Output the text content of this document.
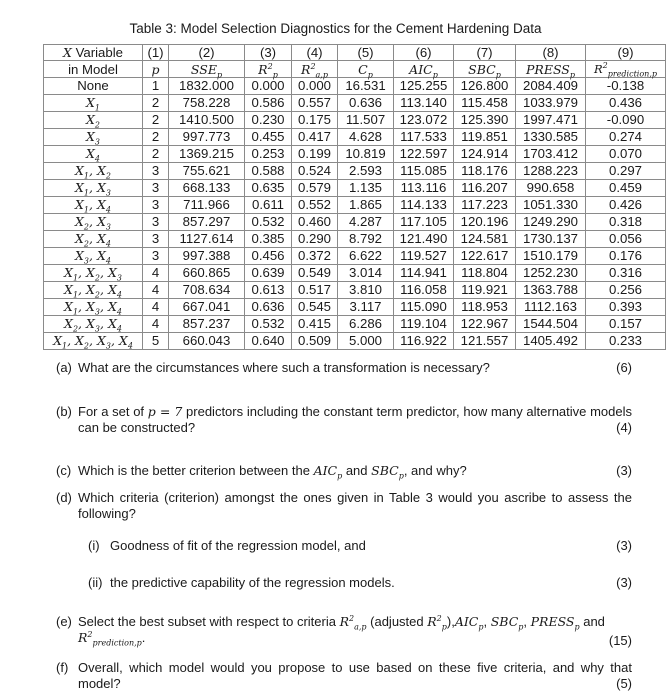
Table 3: Model Selection Diagnostics for the Cement Hardening Data
X Variable	(1)	(2)	(3)	(4)	(5)	(6)	(7)	(8)	(9)
in Model	p	$SSE_p$	$R^2_p$	$R^2_{a,p}$	$C_p$	$AIC_p$	$SBC_p$	$PRESS_p$	$R^2_{prediction,p}$
None	1	1832.000	0.000	0.000	16.531	125.255	126.800	2084.409	-0.138
$X_1$	2	758.228	0.586	0.557	0.636	113.140	115.458	1033.979	0.436
$X_2$	2	1410.500	0.230	0.175	11.507	123.072	125.390	1997.471	-0.090
$X_3$	2	997.773	0.455	0.417	4.628	117.533	119.851	1330.585	0.274
$X_4$	2	1369.215	0.253	0.199	10.819	122.597	124.914	1703.412	0.070
$X_1$, $X_2$	3	755.621	0.588	0.524	2.593	115.085	118.176	1288.223	0.297
$X_1$, $X_3$	3	668.133	0.635	0.579	1.135	113.116	116.207	990.658	0.459
$X_1$, $X_4$	3	711.966	0.611	0.552	1.865	114.133	117.223	1051.330	0.426
$X_2$, $X_3$	3	857.297	0.532	0.460	4.287	117.105	120.196	1249.290	0.318
$X_2$, $X_4$	3	1127.614	0.385	0.290	8.792	121.490	124.581	1730.137	0.056
$X_3$, $X_4$	3	997.388	0.456	0.372	6.622	119.527	122.617	1510.179	0.176
$X_1$, $X_2$, $X_3$	4	660.865	0.639	0.549	3.014	114.941	118.804	1252.230	0.316
$X_1$, $X_2$, $X_4$	4	708.634	0.613	0.517	3.810	116.058	119.921	1363.788	0.256
$X_1$, $X_3$, $X_4$	4	667.041	0.636	0.545	3.117	115.090	118.953	1112.163	0.393
$X_2$, $X_3$, $X_4$	4	857.237	0.532	0.415	6.286	119.104	122.967	1544.504	0.157
$X_1$, $X_2$, $X_3$, $X_4$	5	660.043	0.640	0.509	5.000	116.922	121.557	1405.492	0.233
(a) What are the circumstances where such a transformation is necessary?	(6)
(b) For a set of p = 7 predictors including the constant term predictor, how many alternative models can be constructed?	(4)
(c) Which is the better criterion between the $AIC_p$ and $SBC_p$, and why?	(3)
(d) Which criteria (criterion) amongst the ones given in Table 3 would you ascribe to assess the following?
(i) Goodness of fit of the regression model, and	(3)
(ii) the predictive capability of the regression models.	(3)
(e) Select the best subset with respect to criteria $R^2_{a,p}$ (adjusted $R^2_p),AIC_p$, $SBC_p$, $PRESS_p$ and
$R^2_{prediction,p}$.	(15)
(f) Overall, which model would you propose to use based on these five criteria, and why that model?	(5)
